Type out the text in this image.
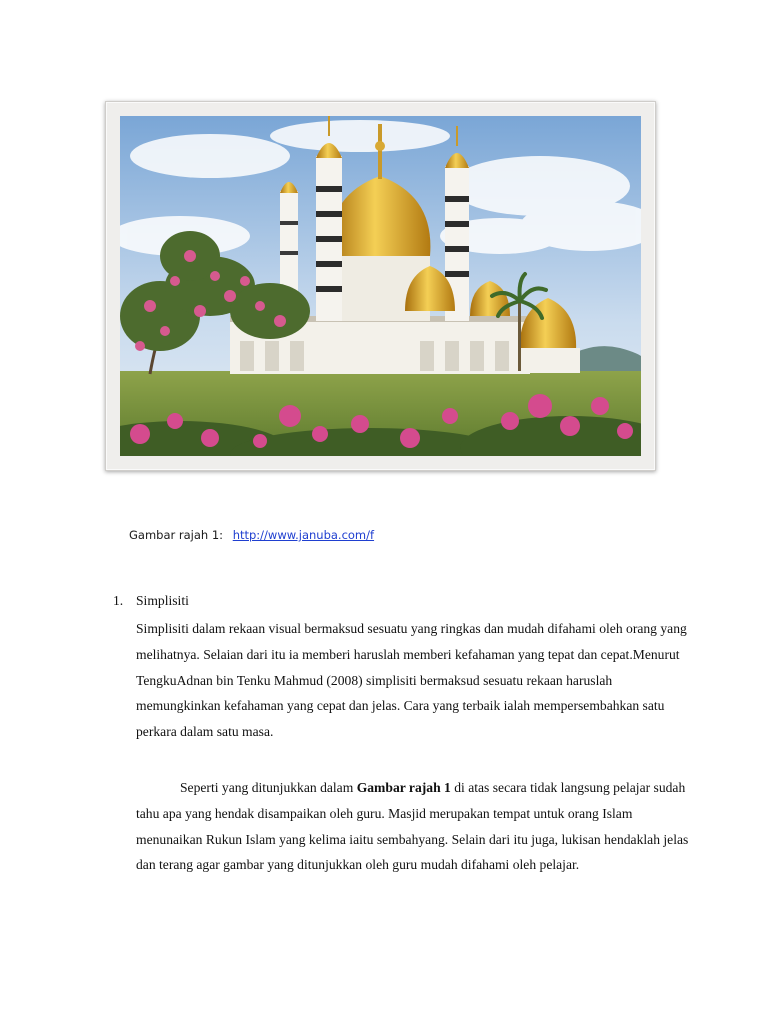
Gambar rajah 1: http://www.januba.com/f
1. Simplisiti

Simplisiti dalam rekaan visual bermaksud sesuatu yang ringkas dan mudah difahami oleh orang yang melihatnya. Selaian dari itu ia memberi haruslah memberi kefahaman yang tepat dan cepat.Menurut TengkuAdnan bin Tenku Mahmud (2008) simplisiti bermaksud sesuatu rekaan haruslah memungkinkan kefahaman yang cepat dan jelas. Cara yang terbaik ialah mempersembahkan satu perkara dalam satu masa.

Seperti yang ditunjukkan dalam Gambar rajah 1 di atas secara tidak langsung pelajar sudah tahu apa yang hendak disampaikan oleh guru. Masjid merupakan tempat untuk orang Islam menunaikan Rukun Islam yang kelima iaitu sembahyang. Selain dari itu juga, lukisan hendaklah jelas dan terang agar gambar yang ditunjukkan oleh guru mudah difahami oleh pelajar.
